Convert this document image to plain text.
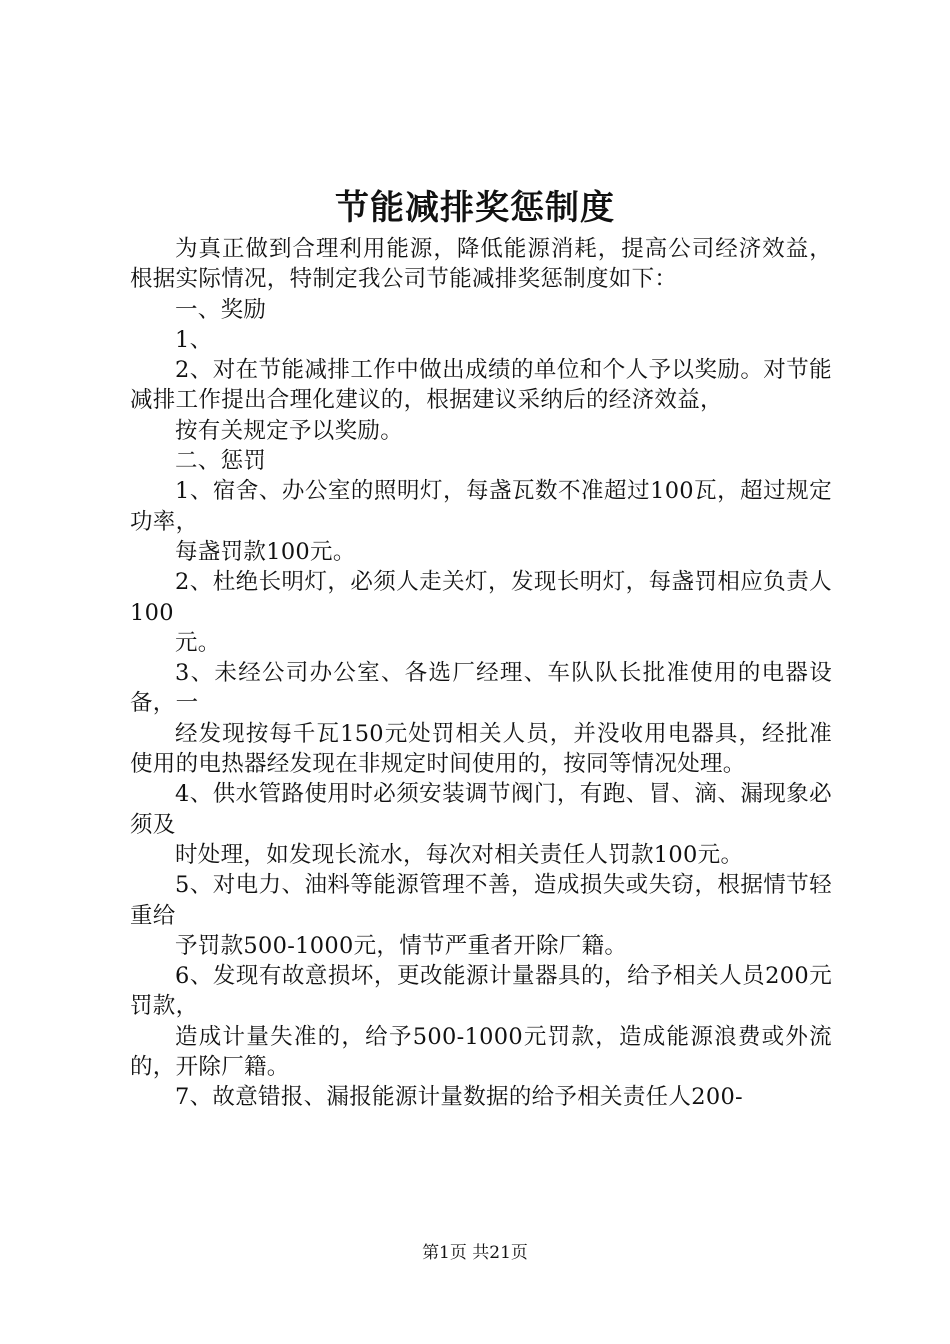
节能减排奖惩制度

为真正做到合理利用能源，降低能源消耗，提高公司经济效益，根据实际情况，特制定我公司节能减排奖惩制度如下：

一、奖励

1、

2、对在节能减排工作中做出成绩的单位和个人予以奖励。对节能减排工作提出合理化建议的，根据建议采纳后的经济效益，

按有关规定予以奖励。

二、惩罚

1、宿舍、办公室的照明灯，每盏瓦数不准超过100瓦，超过规定功率，

每盏罚款100元。

2、杜绝长明灯，必须人走关灯，发现长明灯，每盏罚相应负责人100

元。

3、未经公司办公室、各选厂经理、车队队长批准使用的电器设备，一

经发现按每千瓦150元处罚相关人员，并没收用电器具，经批准使用的电热器经发现在非规定时间使用的，按同等情况处理。

4、供水管路使用时必须安装调节阀门，有跑、冒、滴、漏现象必须及

时处理，如发现长流水，每次对相关责任人罚款100元。

5、对电力、油料等能源管理不善，造成损失或失窃，根据情节轻重给

予罚款500-1000元，情节严重者开除厂籍。

6、发现有故意损坏，更改能源计量器具的，给予相关人员200元罚款，

造成计量失准的，给予500-1000元罚款，造成能源浪费或外流的，开除厂籍。

7、故意错报、漏报能源计量数据的给予相关责任人200-

第1页 共21页
